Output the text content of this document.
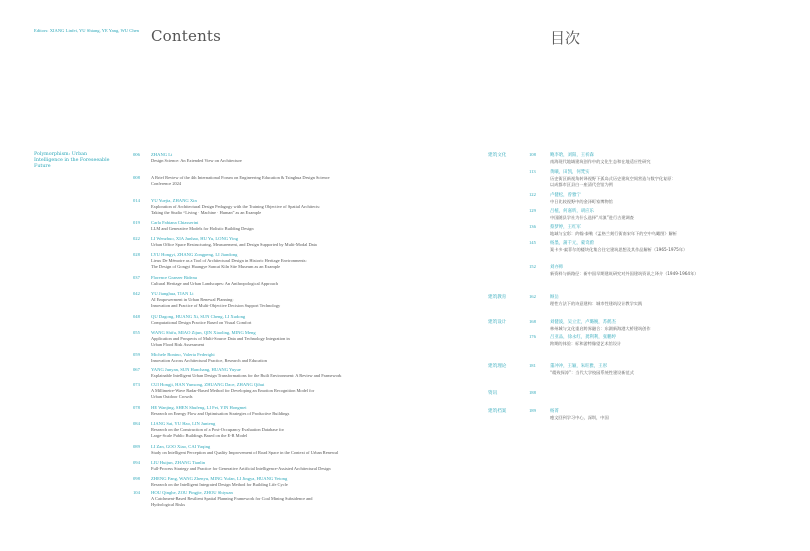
Editors: XIANG Linfei, YU Shiang, YE Yang, WU Chen Contents	目次
Polymorphism: Urban Intelligence in the Foreseeable Future
006	ZHANG Li
Design Science: An Extended View on Architecture
008	A Brief Review of the 4th International Forum on Engineering Education & Tsinghua Design Science
Conference 2024
014	YU Yuejia, ZHANG Xin
Exploration of Architectural Design Pedagogy with the Training Objective of Spatial Architects:
Taking the Studio “Living · Machine · Human” as an Example
019	Carla Fabiana Chiasserini
LLM and Generative Models for Holistic Building Design
022	LI Wenzhuo, XIA Junhao, HU Yu, LONG Ying
Urban Office Space Restructuring, Measurement, and Design Supported by Multi-Modal Data
028	LYU Hongyi, ZHANG Zongpeng, LI Jiandong
Lieux De Mémoire as a Tool of Architectural Design in Historic Heritage Environments:
The Design of Gongyi Huangye Sancai Kiln Site Museum as an Example
037	Florence Graezer Bideau
Cultural Heritage and Urban Landscapes: An Anthropological Approach
042	YU Jianghua, TIAN Li
AI Empowerment in Urban Renewal Planning:
Innovation and Practice of Multi-Objective Decision Support Technology
048	QU Dagong, HUANG Xi, SUN Cheng, LI Xudong
Computational Design Practice Based on Visual Comfort
055	WANG Shifu, MIAO Zijun, QIN Xiaoling, MING Meng
Application and Prospects of Multi-Source Data and Technology Integration in
Urban Flood Risk Assessment
059	Michele Bonino, Valeria Federighi
Innovation Across Architectural Practice, Research and Education
067	YANG Junyan, SUN Hanchang, HUANG Yuyue
Explainable Intelligent Urban Design Transformations for the Built Environment: A Review and Framework
073	CUI Hongji, HAN Yunsong, ZHUANG Dace, ZHANG Qihui
A Millimetre-Wave Radar-Based Method for Developing an Emotion Recognition Model for
Urban Outdoor Crowds
078	HE Wanjing, SHEN Shufeng, LI Fei, YIN Hongmei
Research on Energy Flow and Optimisation Strategies of Productive Buildings
084	LIANG Sai, YU Hao, LIN Junteng
Research on the Construction of a Post-Occupancy Evaluation Database for
Large-Scale Public Buildings Based on the E-R Model
089	LI Zan, GOO Xiao, CAI Yaqing
Study on Intelligent Perception and Quality Improvement of Road Space in the Context of Urban Renewal
094	LIU Huijun, ZHANG Tianlin
Full-Process Strategy and Practice for Generative Artificial Intelligence-Assisted Architectural Design
098	ZHENG Fang, WANG Zhenyu, MING Yufan, LI Jingya, HUANG Yetong
Research on the Intelligent Integrated Design Method for Building Life Cycle
104	HOU Qinghe, ZOU Pingjie, ZHOU Shiyuan
A Catchment-Based Resilient Spatial Planning Framework for Coal Mining Subsidence and
Hydrological Risks
建筑文化	108	鲍李晗，刘阳，王祈森
南海现代地域建筑创作中的文化生态和在地适应性研究
113	黄曦，田凯，何梵实
历史街区新视角转译视野下孤岛式历史建筑空间营造与数字化复原：
以成都市区县白一座清代会馆为例
122	卢健松，曾雅宁
中日比较视野中的金泽町家博物馆
129	吕植，何嘉昕，胡应乐
中国随县学社为什么选择“川滇”进行古建调查
136	蔡梦婷，王红军
地域与宝彩：约翰·泰勒《孟格兰刻行街南宋年下的空中鸟瞰图》解析
145	杨墨，蒲千元，蒙奇蔚
案卡多·索菲尔的楼块化集合住宅建筑思想及其作品解析（1965-1975年）
152	刘亦师
新资料与新路径：新中国早期建筑研究对外国建筑资讯之译介（1949-1964年）
建筑教育	162	顾岳
理性方法下的诗意建构：城市性建筑设计教学实践
建筑设计	168	刘健波，吴立宏，卢璐婉，苏鹤杰
林州城与文化重启跨界融合：东湖新海港大桥建筑创作
176	吕亚品，徐永红，龚利利，张鹏婷
跨期的体验：标和游特像望艺术馆设计
建筑理论	181	董冲冲，王颖，朱旺雅，王彤
“精致探涛”：当代大学校园系统性建设新范式
资讯	188
建筑档案	189	杨菁
瘦文回到学习中心，深圳，中国
